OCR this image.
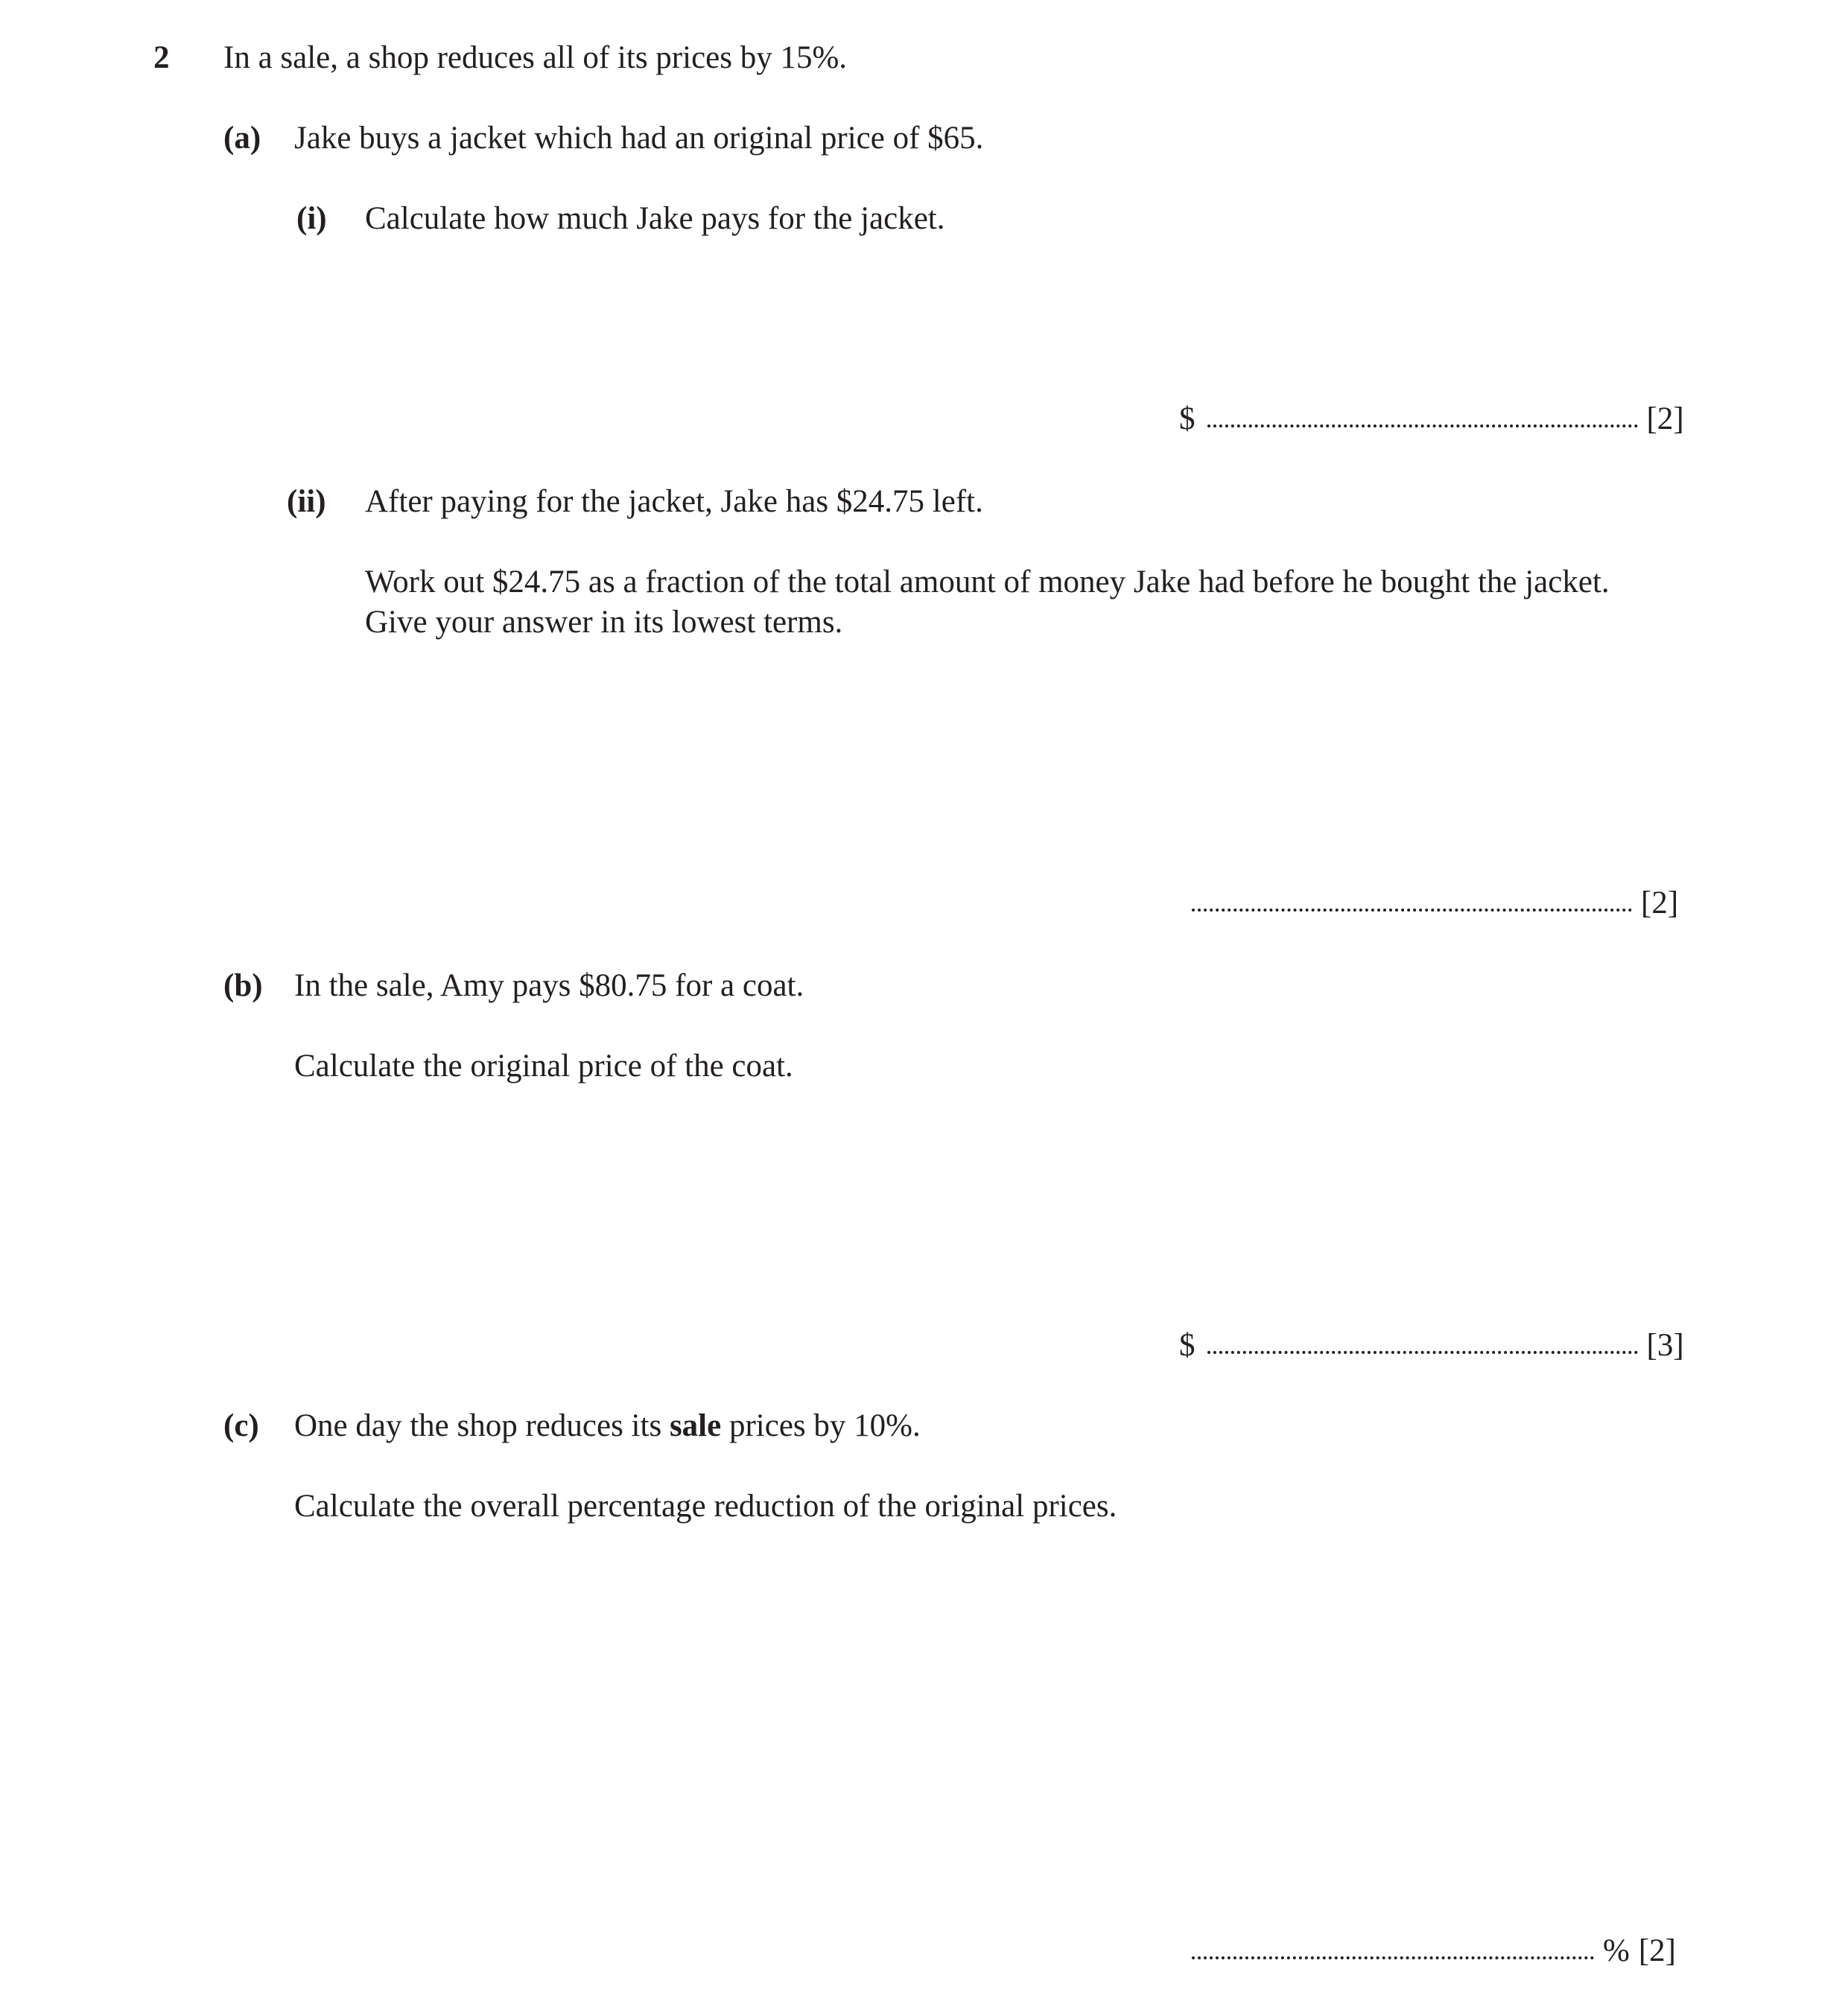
2 In a sale, a shop reduces all of its prices by 15%.
(a) Jake buys a jacket which had an original price of $65.
(i) Calculate how much Jake pays for the jacket.
$	[2]
(ii) After paying for the jacket, Jake has $24.75 left.
Work out $24.75 as a fraction of the total amount of money Jake had before he bought the jacket.
Give your answer in its lowest terms.
[2]
(b) In the sale, Amy pays $80.75 for a coat.
Calculate the original price of the coat.
$	[3]
(c) One day the shop reduces its sale prices by 10%.
Calculate the overall percentage reduction of the original prices.
% [2]
